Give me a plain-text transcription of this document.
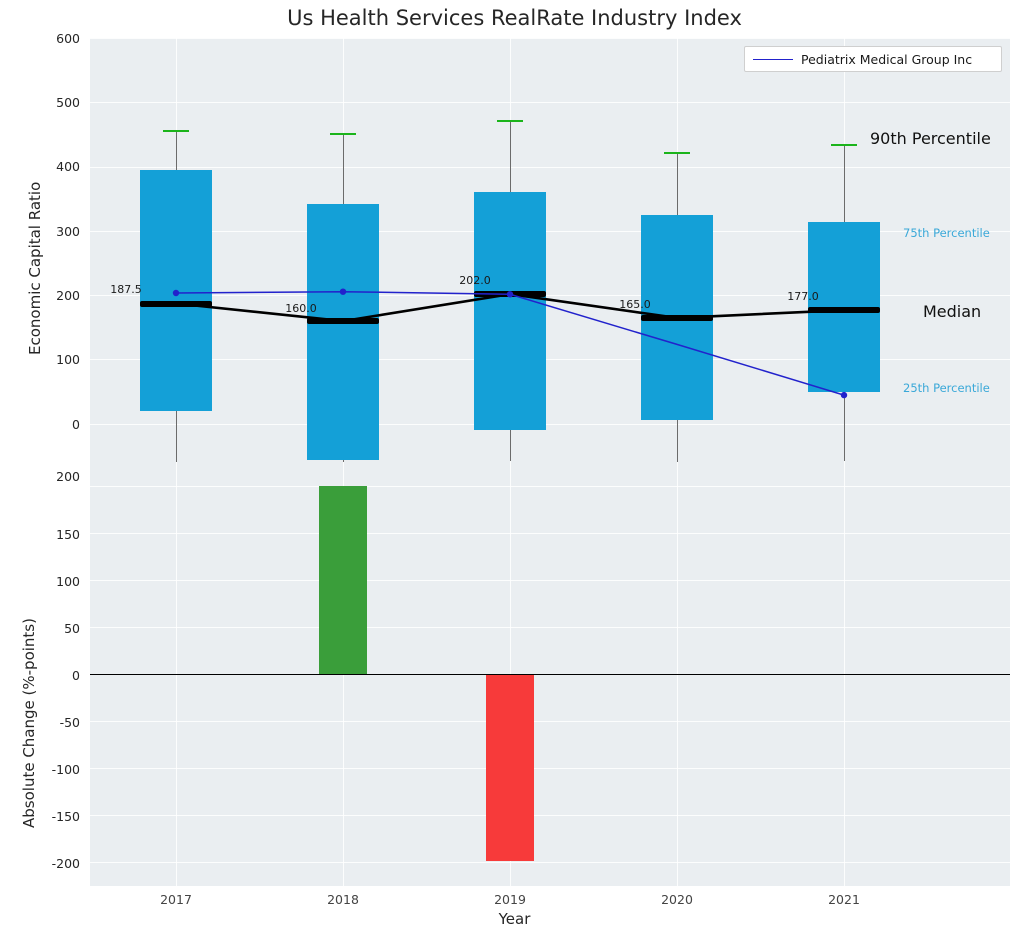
Us Health Services RealRate Industry Index
187.5
160.0
202.0
165.0
177.0
90th Percentile
75th Percentile
Median
25th Percentile
Pediatrix Medical Group Inc
600
500
400
300
200
100
0
Economic Capital Ratio
200
150
100
50
0
-50
-100
-150
-200
Absolute Change (%-points)
2017	2018	2019	2020	2021
Year
